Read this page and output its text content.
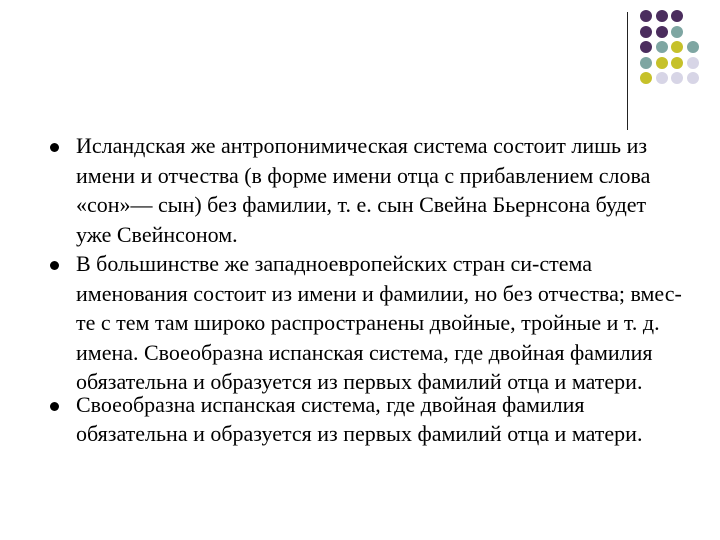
Исландская же антропонимическая система состоит лишь из имени и отчества (в форме имени отца с прибавлением слова «сон»— сын) без фамилии, т. е. сын Свейна Бьернсона будет уже Свейнсоном.
В большинстве же западноевропейских стран си-стема именования состоит из имени и фамилии, но без отчества; вмес-те с тем там широко распространены двойные, тройные и т. д. имена. Своеобразна испанская система, где двойная фамилия обязательна и образуется из первых фамилий отца и матери.
Своеобразна испанская система, где двойная фамилия обязательна и образуется из первых фамилий отца и матери.
